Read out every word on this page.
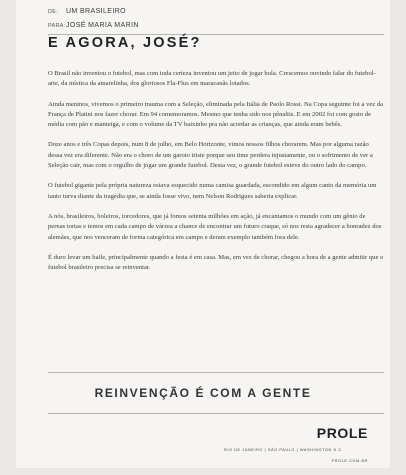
DE: UM BRASILEIRO
PARA: JOSÉ MARIA MARIN
E AGORA, JOSÉ?

O Brasil não inventou o futebol, mas com toda certeza inventou um jeito de jogar bola. Crescemos ouvindo falar do futebol-arte, da mística da amarelinha, dos gloriosos Fla-Flus em maracanãs lotados.

Ainda meninos, vivemos o primeiro trauma com a Seleção, eliminada pela Itália de Paolo Rossi. Na Copa seguinte foi a vez da França de Platini nos fazer chorar. Em 94 comemoramos. Mesmo que tenha sido nos pênaltis. E em 2002 foi com gosto de média com pão e manteiga, e com o volume da TV baixinho pra não acordar as crianças, que ainda eram bebês.

Doze anos e três Copas depois, num 8 de julho, em Belo Horizonte, vimos nossos filhos chorarem. Mas por alguma razão dessa vez era diferente. Não era o choro de um garoto triste porque seu time perdera injustamente, ou o sofrimento de ver a Seleção cair, mas com o orgulho de jogar um grande futebol. Desta vez, o grande futebol esteve do outro lado do campo.

O futebol gigante pela própria natureza estava esquecido numa camisa guardada, escondido em algum canto da memória um tanto turva diante da tragédia que, se ainda fosse vivo, nem Nelson Rodrigues saberia explicar.

A nós, brasileiros, boleiros, torcedores, que já fomos setenta milhões em ação, já encantamos o mundo com um gênio de pernas tortas e temos em cada campo de várzea a chance de encontrar um futuro craque, só nos resta agradecer a honradez dos alemães, que nos venceram de forma categórica em campo e deram exemplo também fora dele.

É duro levar um baile, principalmente quando a festa é em casa. Mas, em vez de chorar, chegou a hora de a gente admitir que o futebol brasileiro precisa se reinventar.

REINVENÇÃO É COM A GENTE
PROLE
RIO DE JANEIRO | SÃO PAULO | WASHINGTON D.C.
PROLE.COM.BR
